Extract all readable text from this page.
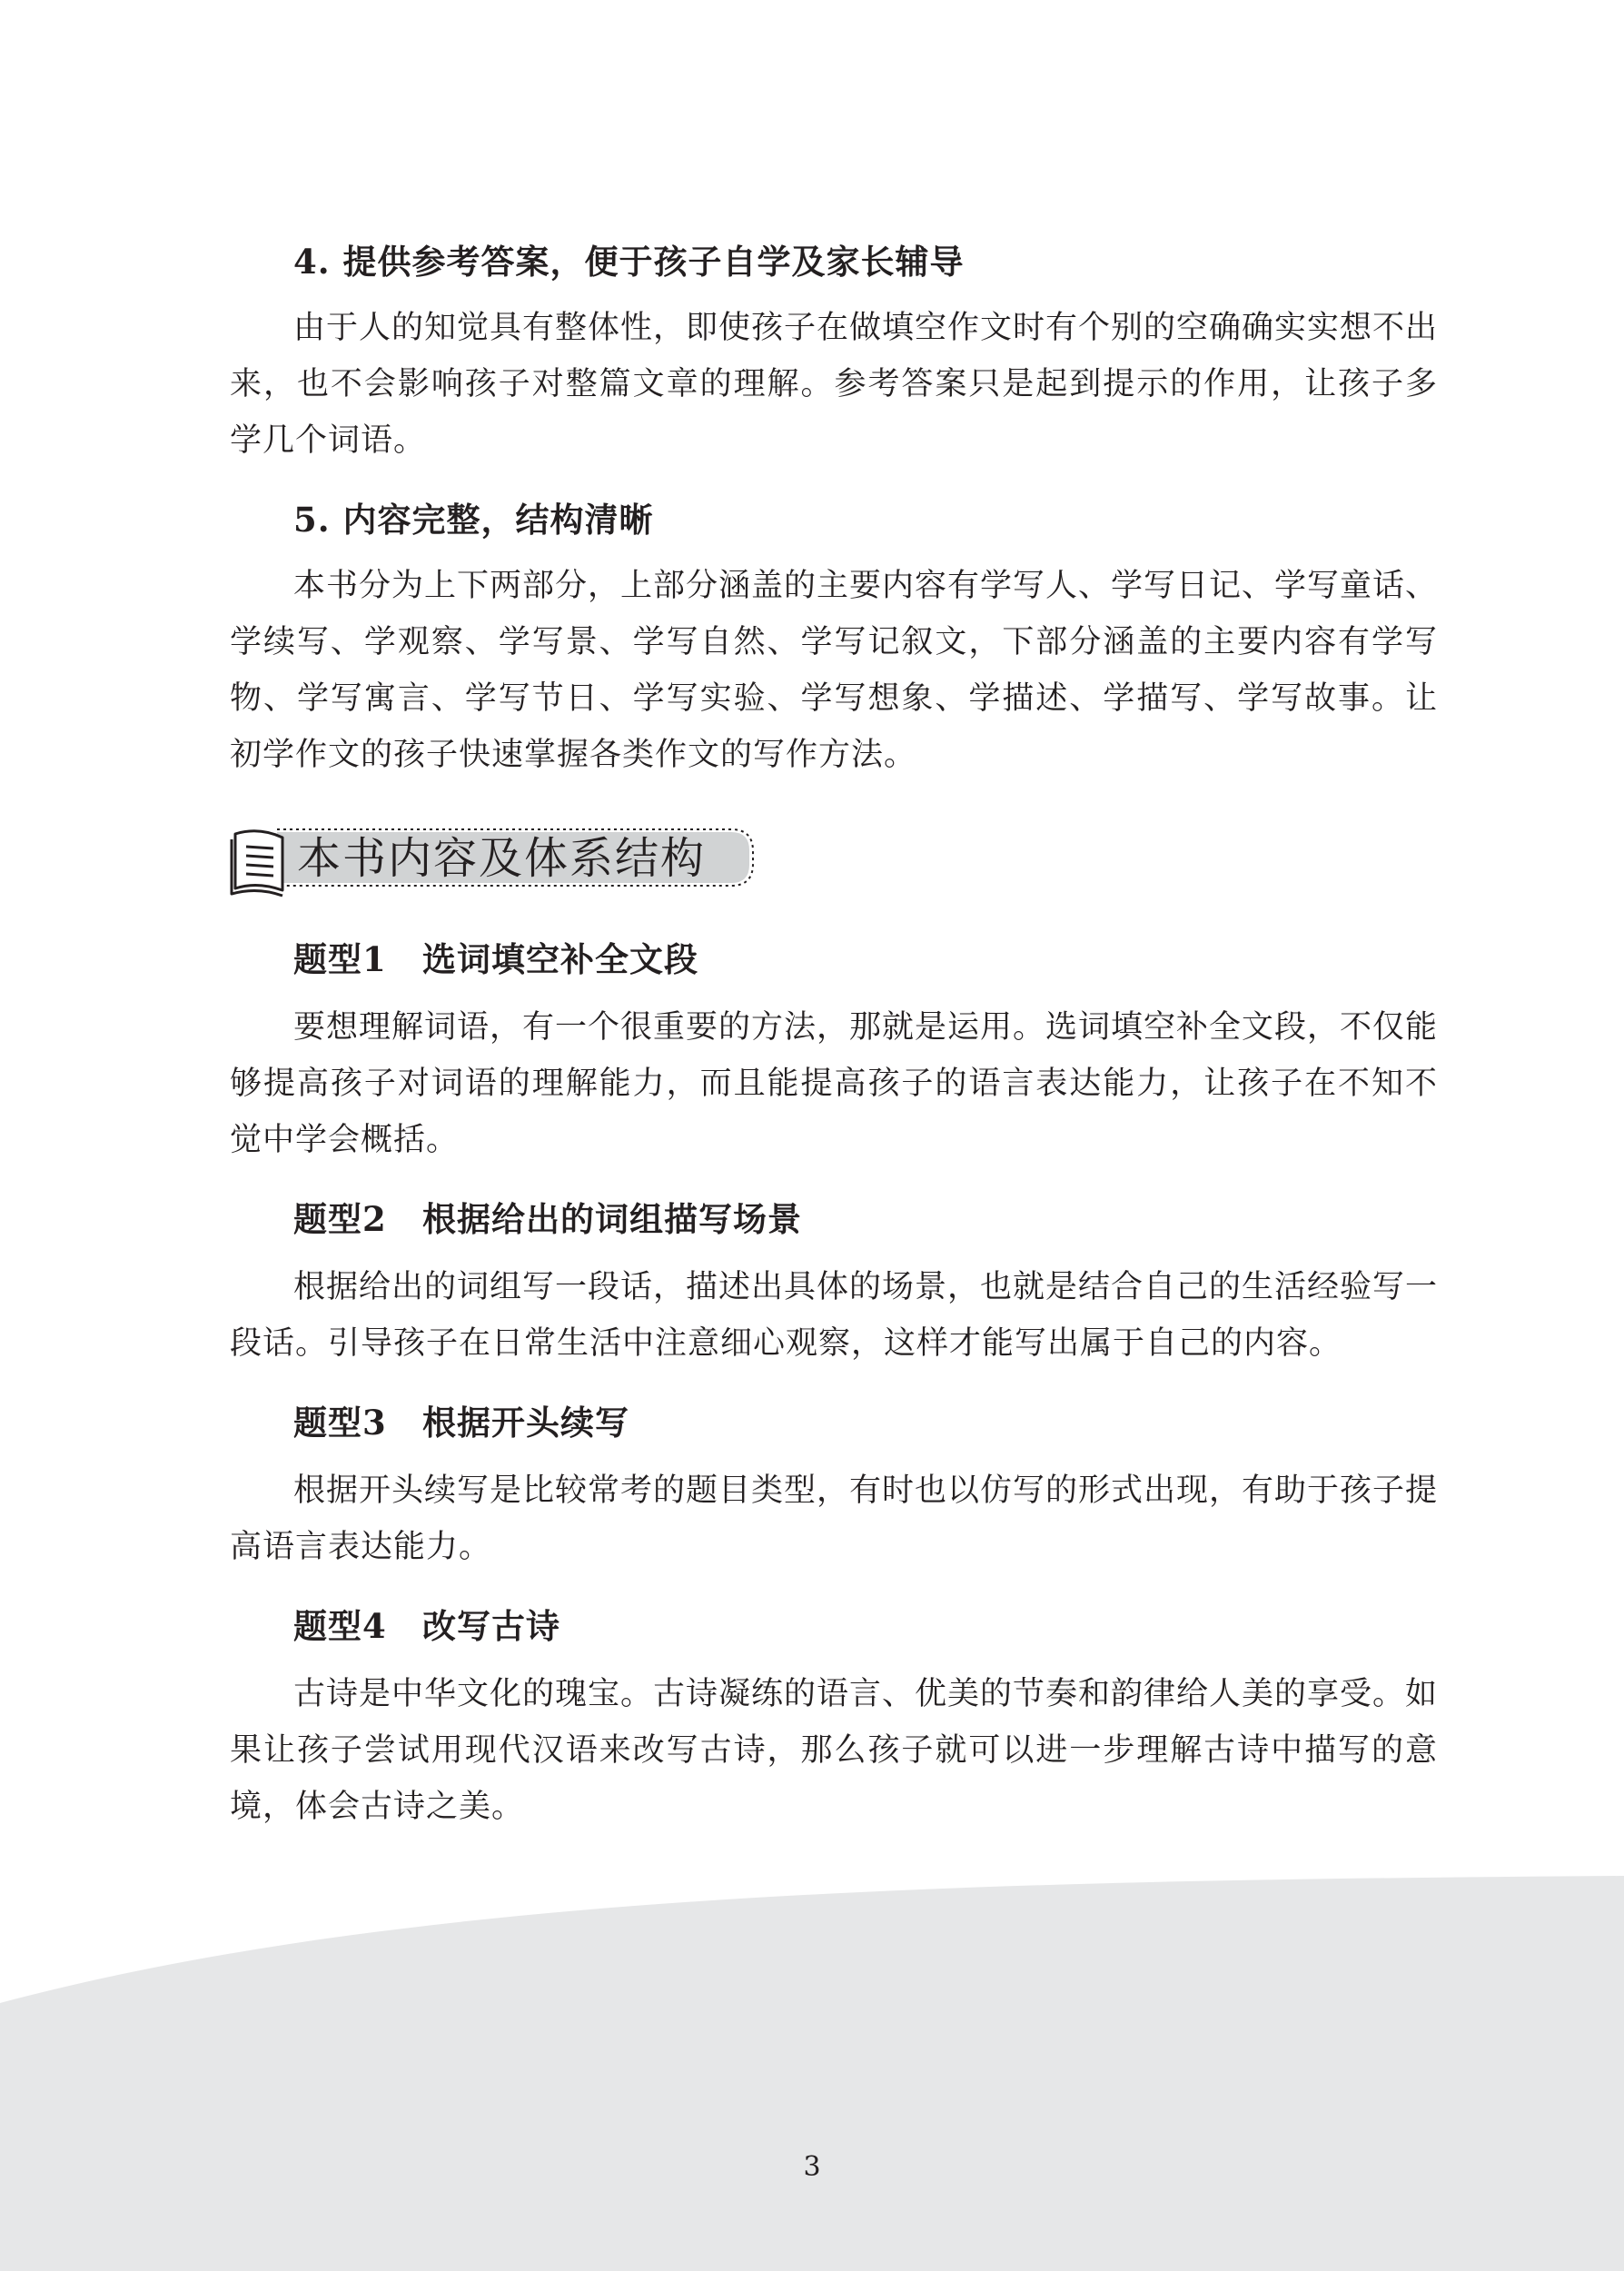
4. 提供参考答案，便于孩子自学及家长辅导

由于人的知觉具有整体性，即使孩子在做填空作文时有个别的空确确实实想不出来，也不会影响孩子对整篇文章的理解。参考答案只是起到提示的作用，让孩子多学几个词语。

5. 内容完整，结构清晰

本书分为上下两部分，上部分涵盖的主要内容有学写人、学写日记、学写童话、学续写、学观察、学写景、学写自然、学写记叙文，下部分涵盖的主要内容有学写物、学写寓言、学写节日、学写实验、学写想象、学描述、学描写、学写故事。让初学作文的孩子快速掌握各类作文的写作方法。

本书内容及体系结构
题型1 选词填空补全文段

要想理解词语，有一个很重要的方法，那就是运用。选词填空补全文段，不仅能够提高孩子对词语的理解能力，而且能提高孩子的语言表达能力，让孩子在不知不觉中学会概括。

题型2 根据给出的词组描写场景

根据给出的词组写一段话，描述出具体的场景，也就是结合自己的生活经验写一段话。引导孩子在日常生活中注意细心观察，这样才能写出属于自己的内容。

题型3 根据开头续写

根据开头续写是比较常考的题目类型，有时也以仿写的形式出现，有助于孩子提高语言表达能力。

题型4 改写古诗

古诗是中华文化的瑰宝。古诗凝练的语言、优美的节奏和韵律给人美的享受。如果让孩子尝试用现代汉语来改写古诗，那么孩子就可以进一步理解古诗中描写的意境，体会古诗之美。

3
